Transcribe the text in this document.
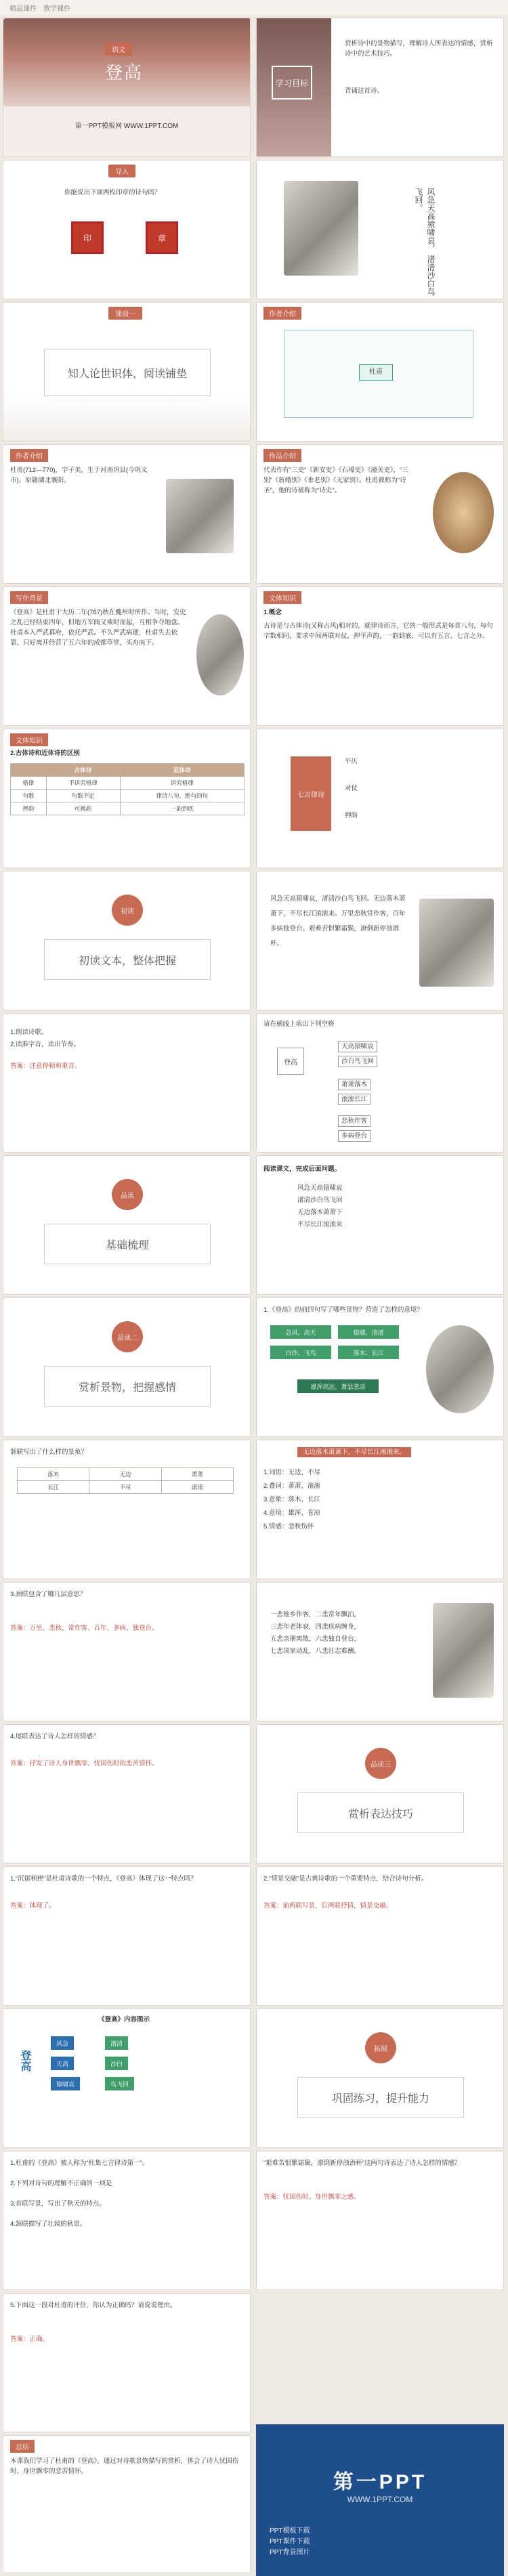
精品课件 教学课件
语文
登高
第一PPT模板网 WWW.1PPT.COM
学习目标
赏析诗中的景物描写，理解诗人所表达的情感，赏析诗中的艺术技巧。
背诵这首诗。
导入
你能说出下面两枚印章的诗句吗？
印	章	风急天高猿啸哀， 渚清沙白鸟飞回。
课前一
知人论世识体，阅读铺垫
作者介绍
杜甫
作者介绍
杜甫(712—770)，字子美，生于河南巩县(今巩义市)，原籍湖北襄阳。
作品介绍
代表作有“三吏”《新安吏》《石壕吏》《潼关吏》，“三别”《新婚别》《垂老别》《无家别》。杜甫被称为“诗圣”，他的诗被称为“诗史”。
写作背景
《登高》是杜甫于大历二年(767)秋在夔州时所作。当时，安史之乱已经结束四年，但地方军阀又乘时而起，互相争夺地盘。杜甫本入严武幕府，依托严武。不久严武病逝，杜甫失去依靠，只好离开经营了五六年的成都草堂，买舟南下。
文体知识
1.概念
古诗是与古体诗(又称古风)相对的，就律诗而言，它的一般形式是每首八句，每句字数相同，要求中间两联对仗，押平声韵，一韵到底，可以有五言、七言之分。
文体知识
2.古体诗和近体诗的区别
	古体诗	近体诗
格律	不讲究格律	讲究格律
句数	句数不定	律诗八句，绝句四句
押韵	可换韵	一韵到底
七言律诗
平仄
对仗
押韵
初读
初读文本，整体把握
风急天高猿啸哀，渚清沙白鸟飞回。无边落木萧萧下，不尽长江滚滚来。万里悲秋常作客，百年多病独登台。艰难苦恨繁霜鬓，潦倒新停浊酒杯。
1.朗读诗歌。
2.读准字音，读出节奏。
答案：注意停顿和重音。
请在横线上填出下列空格
登高
天高猿啸哀
沙白鸟飞回
萧萧落木
滚滚长江
悲秋作客
多病登台
品读
基础梳理
阅读课文，完成后面问题。
风急天高猿啸哀
渚清沙白鸟飞回
无边落木萧萧下
不尽长江滚滚来
品读二
赏析景物，把握感情
1.《登高》的前四句写了哪些景物？营造了怎样的意境？
急风、高天	猿啸、清渚
白沙、飞鸟	落木、长江
雄浑高远，萧瑟悲凉
颔联写出了什么样的景象？
落木	无边	萧萧
长江	不尽	滚滚
无边落木萧萧下，不尽长江滚滚来。
1.词语：无边、不尽
2.叠词：萧萧、滚滚
3.意象：落木、长江
4.意境：雄浑、苍凉
5.情感：悲秋伤怀
3.颈联包含了哪几层意思？
答案：万里、悲秋、常作客、百年、多病、独登台。
一悲他乡作客，二悲常年飘泊，
三悲年老体衰，四悲疾病缠身，
五悲亲朋离散，六悲独自登台，
七悲国家动乱，八悲壮志难酬。
4.尾联表达了诗人怎样的情感？
答案：抒发了诗人身世飘零、忧国伤时的悲苦情怀。	品读三
赏析表达技巧
1.“沉郁顿挫”是杜甫诗歌的一个特点，《登高》体现了这一特点吗？
答案：体现了。
2.“情景交融”是古典诗歌的一个重要特点，结合诗句分析。
答案：前两联写景，后两联抒情，情景交融。
《登高》内容图示
登高
风急
天高
猿啸哀
渚清
沙白
鸟飞回
拓展
巩固练习，提升能力
1.杜甫的《登高》被人称为“杜集七言律诗第一”。
2.下列对诗句的理解不正确的一项是
3.首联写景，写出了秋天的特点。
4.颔联描写了壮阔的秋景。
“艰难苦恨繁霜鬓，潦倒新停浊酒杯”这两句诗表达了诗人怎样的情感？
答案：忧国伤时、身世飘零之感。
5.下面这一段对杜甫的评价，你认为正确吗？请说说理由。
答案：正确。
总结
本课我们学习了杜甫的《登高》，通过对诗歌景物描写的赏析，体会了诗人忧国伤时、身世飘零的悲苦情怀。	第一PPT
WWW.1PPT.COM
PPT模板下载
PPT课件下载
PPT背景图片
